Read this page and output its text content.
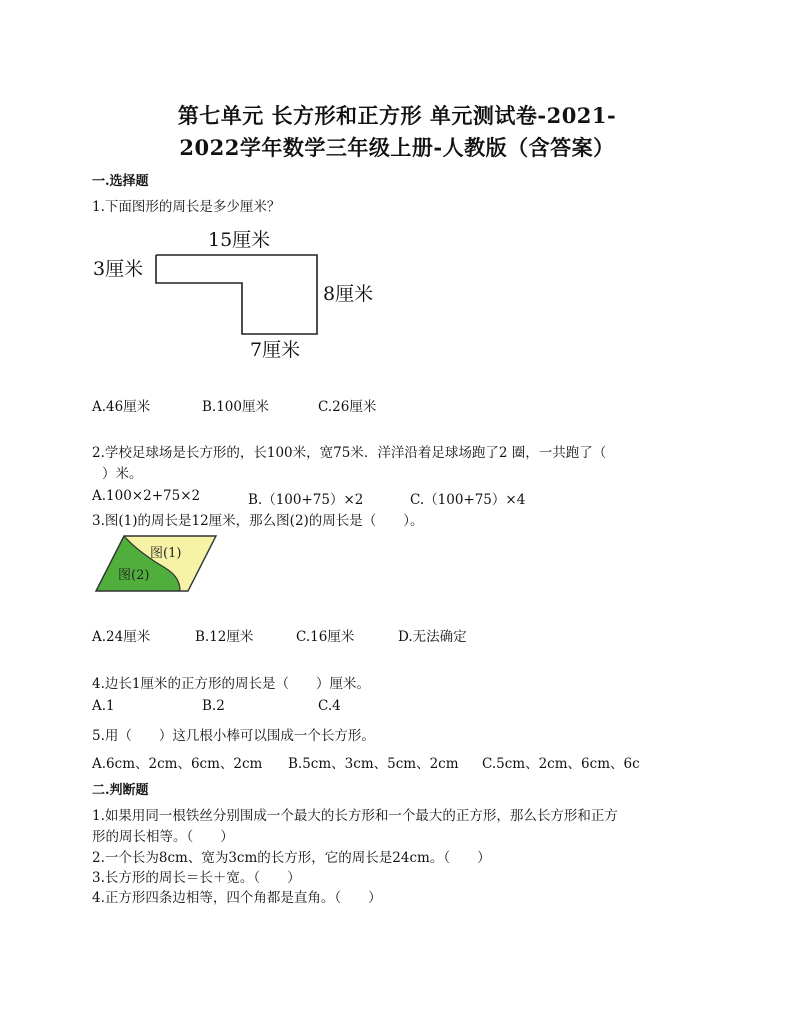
第七单元 长方形和正方形 单元测试卷-2021-
2022学年数学三年级上册-人教版（含答案）
一.选择题
1.下面图形的周长是多少厘米？
15厘米
3厘米
8厘米
7厘米
A.46厘米	B.100厘米	C.26厘米
2.学校足球场是长方形的，长100米，宽75米．洋洋沿着足球场跑了2 圈，一共跑了（
）米。
A.100×2+75×2	B.（100+75）×2	C.（100+75）×4
3.图(1)的周长是12厘米，那么图(2)的周长是（　　）。
图(1)
图(2)
A.24厘米	B.12厘米	C.16厘米	D.无法确定
4.边长1厘米的正方形的周长是（　　）厘米。
A.1	B.2	C.4
5.用（　　）这几根小棒可以围成一个长方形。
A.6cm、2cm、6cm、2cm B.5cm、3cm、5cm、2cm C.5cm、2cm、6cm、6c
二.判断题
1.如果用同一根铁丝分别围成一个最大的长方形和一个最大的正方形，那么长方形和正方
形的周长相等。（　　）
2.一个长为8cm、宽为3cm的长方形，它的周长是24cm。（　　）
3.长方形的周长＝长＋宽。（　　）
4.正方形四条边相等，四个角都是直角。（　　）
